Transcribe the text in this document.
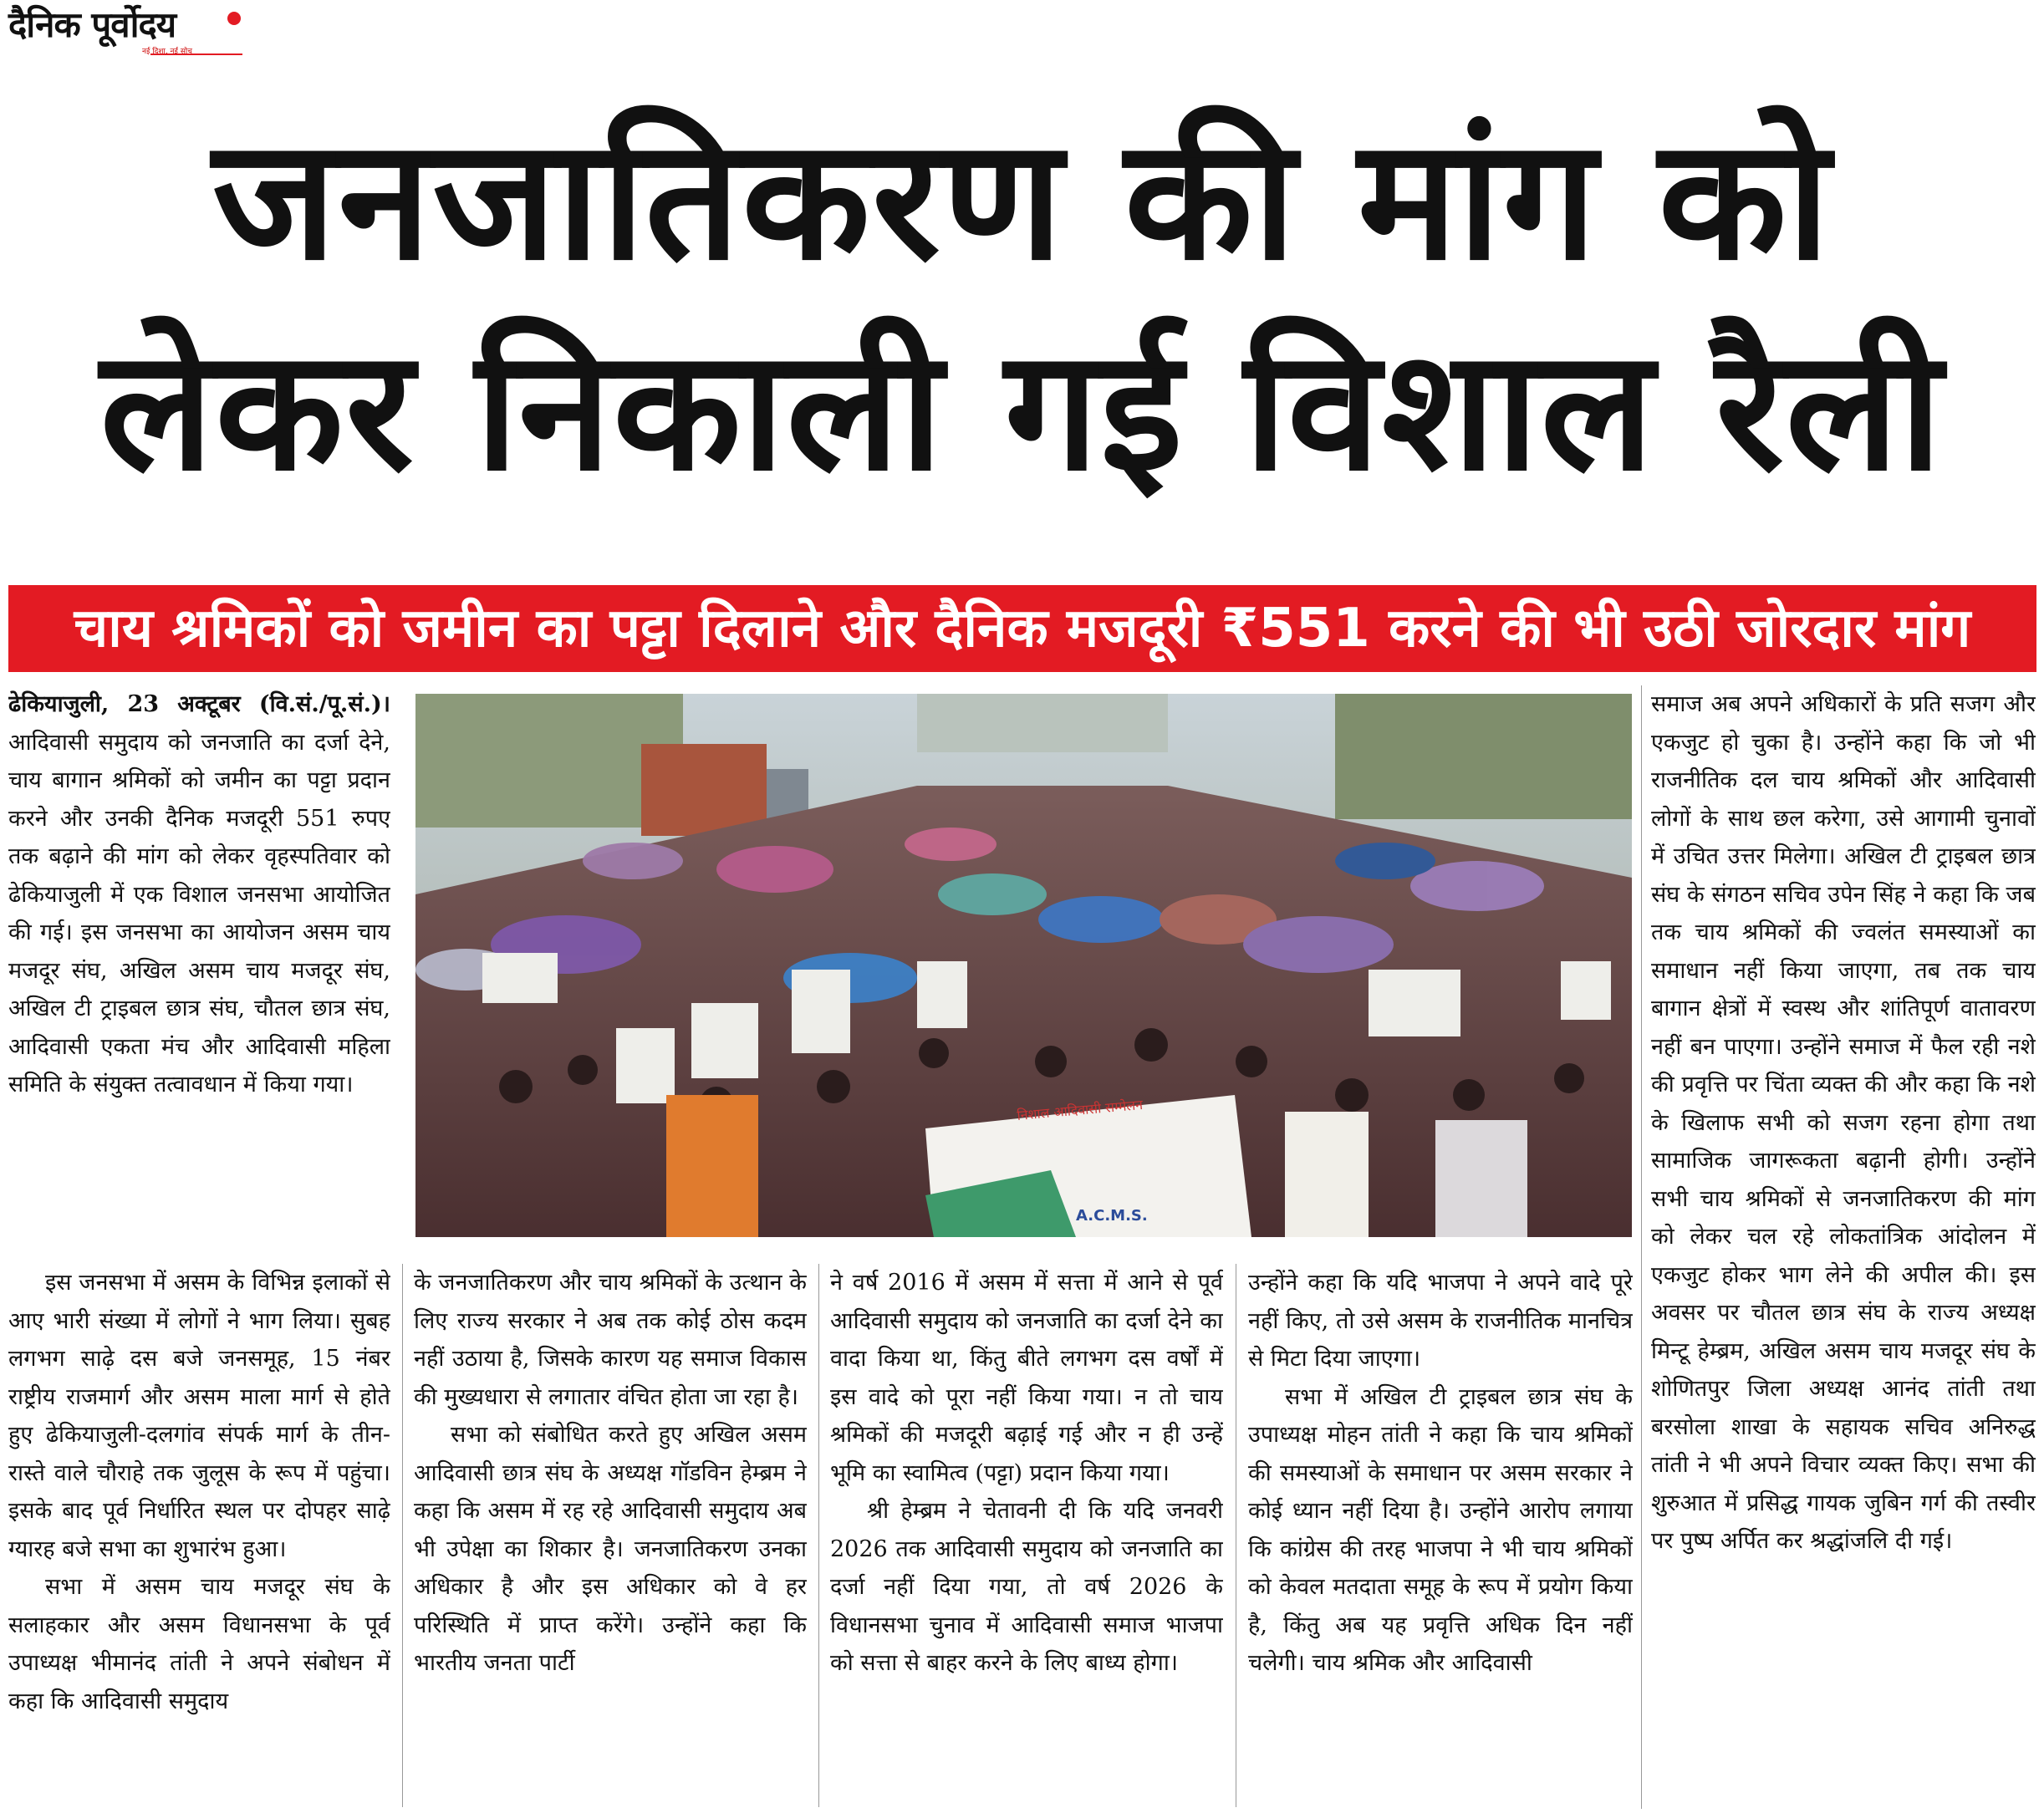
दैनिक पूर्वोदय
नई दिशा, नई सोच
जनजातिकरण की मांग को
लेकर निकाली गई विशाल रैली
चाय श्रमिकों को जमीन का पट्टा दिलाने और दैनिक मजदूरी ₹551 करने की भी उठी जोरदार मांग

ढेकियाजुली, 23 अक्टूबर (वि.सं./पू.सं.)। आदिवासी समुदाय को जनजाति का दर्जा देने, चाय बागान श्रमिकों को जमीन का पट्टा प्रदान करने और उनकी दैनिक मजदूरी 551 रुपए तक बढ़ाने की मांग को लेकर वृहस्पतिवार को ढेकियाजुली में एक विशाल जनसभा आयोजित की गई। इस जनसभा का आयोजन असम चाय मजदूर संघ, अखिल असम चाय मजदूर संघ, अखिल टी ट्राइबल छात्र संघ, चौतल छात्र संघ, आदिवासी एकता मंच और आदिवासी महिला समिति के संयुक्त तत्वावधान में किया गया।

निशाल आदिवासी सम्मेलन
A.C.M.S.

इस जनसभा में असम के विभिन्न इलाकों से आए भारी संख्या में लोगों ने भाग लिया। सुबह लगभग साढ़े दस बजे जनसमूह, 15 नंबर राष्ट्रीय राजमार्ग और असम माला मार्ग से होते हुए ढेकियाजुली-दलगांव संपर्क मार्ग के तीन-रास्ते वाले चौराहे तक जुलूस के रूप में पहुंचा। इसके बाद पूर्व निर्धारित स्थल पर दोपहर साढ़े ग्यारह बजे सभा का शुभारंभ हुआ।

सभा में असम चाय मजदूर संघ के सलाहकार और असम विधानसभा के पूर्व उपाध्यक्ष भीमानंद तांती ने अपने संबोधन में कहा कि आदिवासी समुदाय

के जनजातिकरण और चाय श्रमिकों के उत्थान के लिए राज्य सरकार ने अब तक कोई ठोस कदम नहीं उठाया है, जिसके कारण यह समाज विकास की मुख्यधारा से लगातार वंचित होता जा रहा है।

सभा को संबोधित करते हुए अखिल असम आदिवासी छात्र संघ के अध्यक्ष गॉडविन हेम्ब्रम ने कहा कि असम में रह रहे आदिवासी समुदाय अब भी उपेक्षा का शिकार है। जनजातिकरण उनका अधिकार है और इस अधिकार को वे हर परिस्थिति में प्राप्त करेंगे। उन्होंने कहा कि भारतीय जनता पार्टी

ने वर्ष 2016 में असम में सत्ता में आने से पूर्व आदिवासी समुदाय को जनजाति का दर्जा देने का वादा किया था, किंतु बीते लगभग दस वर्षों में इस वादे को पूरा नहीं किया गया। न तो चाय श्रमिकों की मजदूरी बढ़ाई गई और न ही उन्हें भूमि का स्वामित्व (पट्टा) प्रदान किया गया।

श्री हेम्ब्रम ने चेतावनी दी कि यदि जनवरी 2026 तक आदिवासी समुदाय को जनजाति का दर्जा नहीं दिया गया, तो वर्ष 2026 के विधानसभा चुनाव में आदिवासी समाज भाजपा को सत्ता से बाहर करने के लिए बाध्य होगा।

उन्होंने कहा कि यदि भाजपा ने अपने वादे पूरे नहीं किए, तो उसे असम के राजनीतिक मानचित्र से मिटा दिया जाएगा।

सभा में अखिल टी ट्राइबल छात्र संघ के उपाध्यक्ष मोहन तांती ने कहा कि चाय श्रमिकों की समस्याओं के समाधान पर असम सरकार ने कोई ध्यान नहीं दिया है। उन्होंने आरोप लगाया कि कांग्रेस की तरह भाजपा ने भी चाय श्रमिकों को केवल मतदाता समूह के रूप में प्रयोग किया है, किंतु अब यह प्रवृत्ति अधिक दिन नहीं चलेगी। चाय श्रमिक और आदिवासी

समाज अब अपने अधिकारों के प्रति सजग और एकजुट हो चुका है। उन्होंने कहा कि जो भी राजनीतिक दल चाय श्रमिकों और आदिवासी लोगों के साथ छल करेगा, उसे आगामी चुनावों में उचित उत्तर मिलेगा। अखिल टी ट्राइबल छात्र संघ के संगठन सचिव उपेन सिंह ने कहा कि जब तक चाय श्रमिकों की ज्वलंत समस्याओं का समाधान नहीं किया जाएगा, तब तक चाय बागान क्षेत्रों में स्वस्थ और शांतिपूर्ण वातावरण नहीं बन पाएगा। उन्होंने समाज में फैल रही नशे की प्रवृत्ति पर चिंता व्यक्त की और कहा कि नशे के खिलाफ सभी को सजग रहना होगा तथा सामाजिक जागरूकता बढ़ानी होगी। उन्होंने सभी चाय श्रमिकों से जनजातिकरण की मांग को लेकर चल रहे लोकतांत्रिक आंदोलन में एकजुट होकर भाग लेने की अपील की। इस अवसर पर चौतल छात्र संघ के राज्य अध्यक्ष मिन्टू हेम्ब्रम, अखिल असम चाय मजदूर संघ के शोणितपुर जिला अध्यक्ष आनंद तांती तथा बरसोला शाखा के सहायक सचिव अनिरुद्ध तांती ने भी अपने विचार व्यक्त किए। सभा की शुरुआत में प्रसिद्ध गायक जुबिन गर्ग की तस्वीर पर पुष्प अर्पित कर श्रद्धांजलि दी गई।
